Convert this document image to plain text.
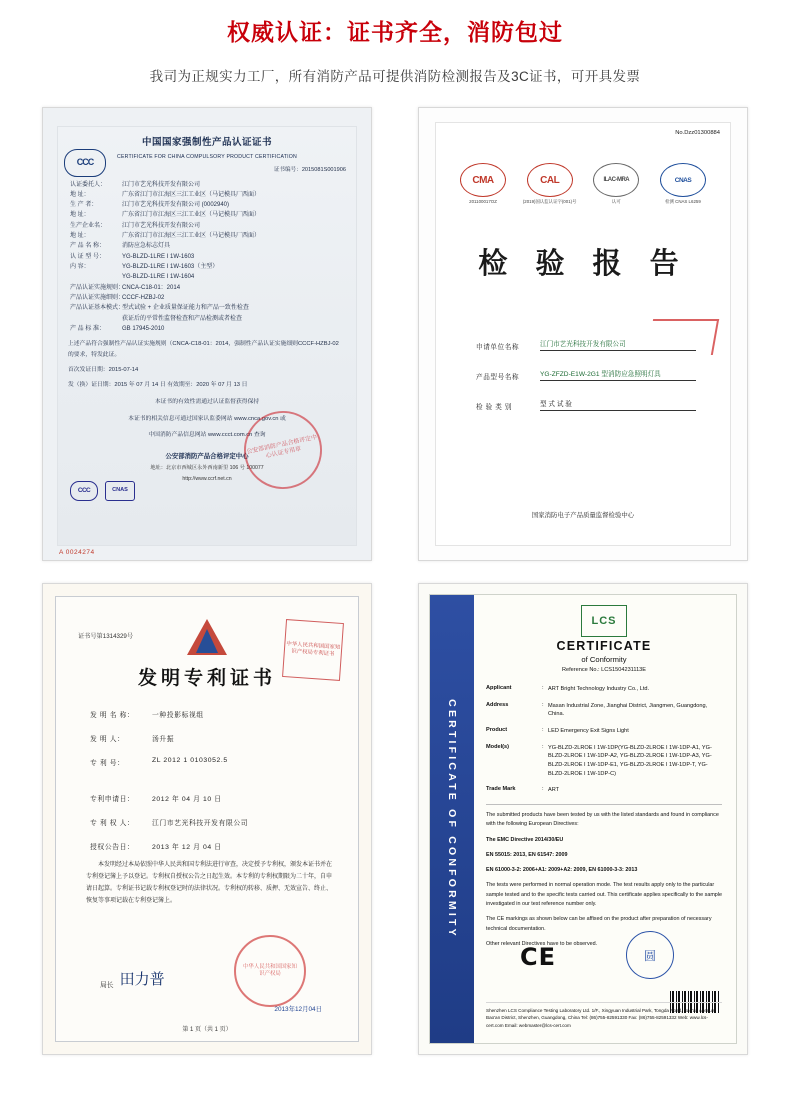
权威认证：证书齐全，消防包过
我司为正规实力工厂，所有消防产品可提供消防检测报告及3C证书，可开具发票
CCC
中国国家强制性产品认证证书
CERTIFICATE FOR CHINA COMPULSORY PRODUCT CERTIFICATION
证书编号：2015081S001906
认证委托人：	江门市艺光科技开发有限公司
地 址：	广东省江门市江海区三江工业区（马记模具厂西面）
生 产 者：	江门市艺光科技开发有限公司 (0002940)
地 址：	广东省江门市江海区三江工业区（马记模具厂西面）
生产企业名：	江门市艺光科技开发有限公司
地 址：	广东省江门市江海区三江工业区（马记模具厂西面）
产 品 名 称：	消防应急标志灯具
认 证 型 号：	YG-BLZD-1LRE I 1W-1603
内 容：	YG-BLZD-1LRE I 1W-1603（主型）
YG-BLZD-1LRE I 1W-1604
产品认证实施规则：
CNCA-C18-01：2014
产品认证实施细则：
CCCF-HZBJ-02
产品认证基本模式：
型式试验 + 企业质量保证能力和产品一致性检查
获证后的平常性监督检查和产品检测或者检查
产 品 标 准：	GB 17945-2010
上述产品符合强制性产品认证实施规则（CNCA-C18-01：2014，强制性产品认证实施细则CCCF-HZBJ-02 的要求，特发此证。
首次发证日期：2015-07-14
发（换）证日期：2015 年 07 月 14 日 有效期至：2020 年 07 月 13 日
本证书的有效性需通过认证监督获得保持
本证书的相关信息可通过国家认监委网站 www.cnca.gov.cn 或
中国消防产品信息网站 www.ccct.com.cn 查询
CCC	CNAS
公安部消防产品合格评定中心认证专用章
公安部消防产品合格评定中心
地址：北京市西城区永外西南新里 106 号 100077
http://www.ccrf.net.cn
A 0024274
No.Dzz01300884
CMA
201100017OZ
CAL
(2019)国认监认证字(001)号
ILAC-MRA
认可
CNAS
检测 CNAS L6259
检 验 报 告
申请单位名称	江门市艺光科技开发有限公司
产品型号名称	YG-ZFZD-E1W-2G1 型消防应急照明灯具
检 验 类 别	型 式 试 验
国家消防电子产品质量监督检验中心
证书号第1314329号
中华人民共和国国家知识产权局专利证书
发明专利证书
发 明 名 称：	一种投影标视组
发 明 人：	汤升振
专 利 号：	ZL 2012 1 0103052.5
专利申请日：	2012 年 04 月 10 日
专 利 权 人：	江门市艺光科技开发有限公司
授权公告日：	2013 年 12 月 04 日
本发明经过本局依照中华人民共和国专利法进行审查，决定授予专利权，颁发本证书并在专利登记簿上予以登记。专利权自授权公告之日起生效。本专利的专利权期限为二十年，自申请日起算。专利证书记载专利权登记时的法律状况。专利权的转移、质押、无效宣告、终止、恢复等事项记载在专利登记簿上。
局长 田力普
中华人民共和国国家知识产权局
2013年12月04日
第 1 页（共 1 页）
CERTIFICATE OF CONFORMITY
LCS
CERTIFICATE
of Conformity
Reference No.: LCS1504231113E
Applicant	: ART Bright Technology Industry Co., Ltd.
Address	: Masan Industrial Zone, Jianghai District, Jiangmen, Guangdong, China.
Product	: LED Emergency Exit Signs Light
Model(s)	: YG-BLZD-2LROE I 1W-1DP(YG-BLZD-2LROE I 1W-1DP-A1, YG-BLZD-2LROE I 1W-1DP-A2, YG-BLZD-2LROE I 1W-1DP-A3, YG-BLZD-2LROE I 1W-1DP-E1, YG-BLZD-2LROE I 1W-1DP-T, YG-BLZD-2LROE I 1W-1DP-C)
Trade Mark	: ART

The submitted products have been tested by us with the listed standards and found in compliance with the following European Directives:

The EMC Directive 2014/30/EU

EN 55015: 2013, EN 61547: 2009

EN 61000-3-2: 2006+A1: 2009+A2: 2009, EN 61000-3-3: 2013

The tests were performed in normal operation mode. The test results apply only to the particular sample tested and to the specific tests carried out. This certificate applies specifically to the sample investigated in our test reference number only.

The CE markings as shown below can be affixed on the product after preparation of necessary technical documentation.

Other relevant Directives have to be observed.

CE	圆
Shenzhen LCS Compliance Testing Laboratory Ltd. 1/F., Xingyuan Industrial Park, Tongda Road, Bao'an Avenue, Bao'an District, Shenzhen, Guangdong, China Tel: (86)755-82591330 Fax: (86)755-82591332 Web: www.lcs-cert.com Email: webmaster@lcs-cert.com
